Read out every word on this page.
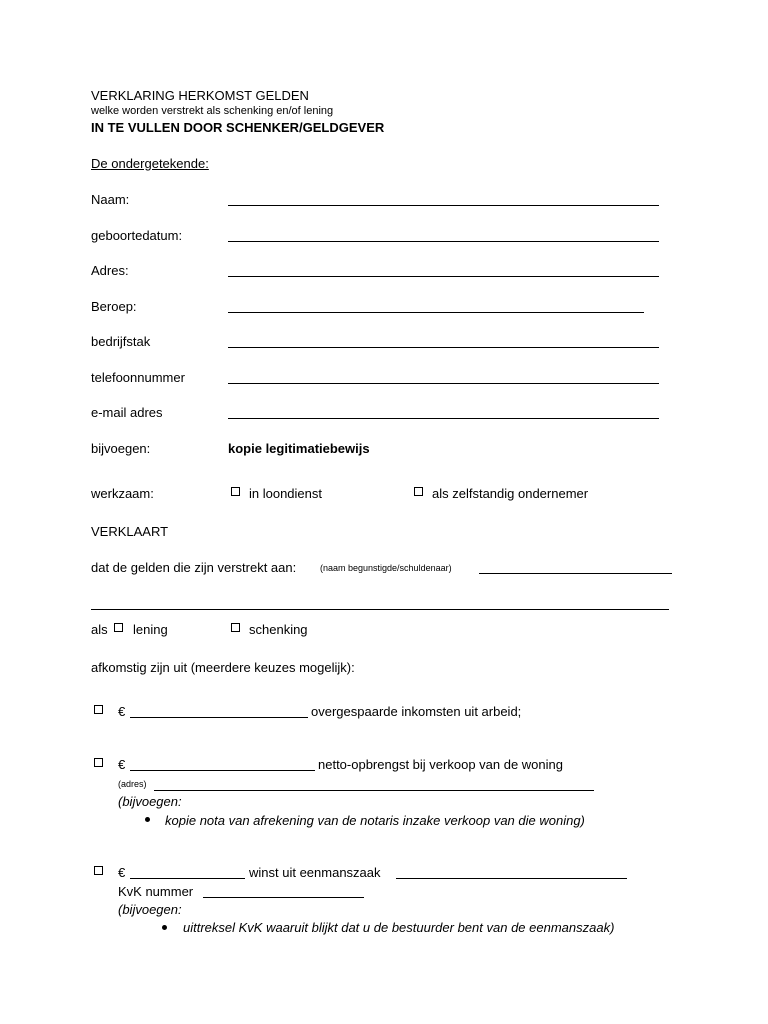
VERKLARING HERKOMST GELDEN
welke worden verstrekt als schenking en/of lening
IN TE VULLEN DOOR SCHENKER/GELDGEVER
De ondergetekende:
Naam:
geboortedatum:
Adres:
Beroep:
bedrijfstak
telefoonnummer
e-mail adres
bijvoegen:	kopie legitimatiebewijs
werkzaam:	in loondienst	als zelfstandig ondernemer
VERKLAART
dat de gelden die zijn verstrekt aan:	(naam begunstigde/schuldenaar)
als lening	schenking
afkomstig zijn uit (meerdere keuzes mogelijk):
€	overgespaarde inkomsten uit arbeid;
€	netto-opbrengst bij verkoop van de woning
(adres)
(bijvoegen:
kopie nota van afrekening van de notaris inzake verkoop van die woning)
€	winst uit eenmanszaak
KvK nummer
(bijvoegen:
uittreksel KvK waaruit blijkt dat u de bestuurder bent van de eenmanszaak)
